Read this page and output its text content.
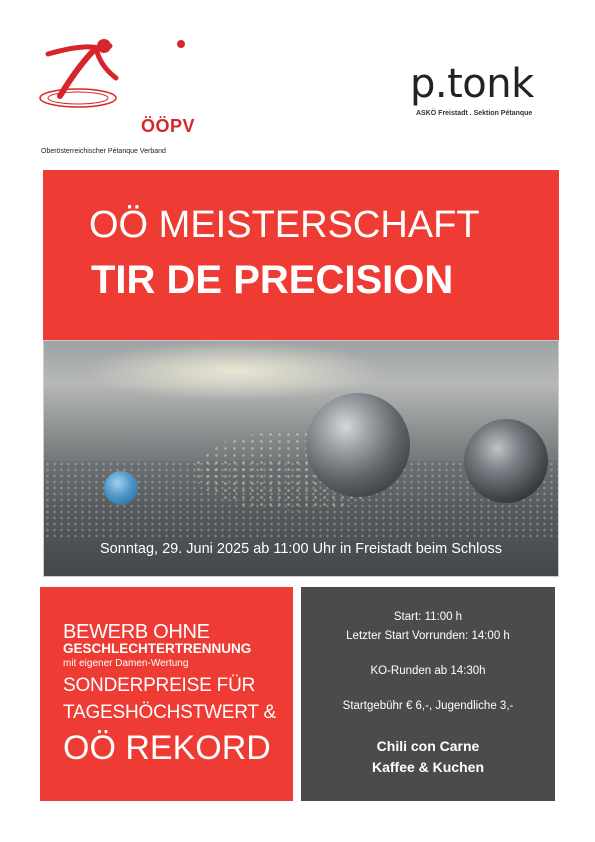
ÖÖPV
Oberösterreichischer Pétanque Verband
p.tonk
ASKÖ Freistadt . Sektion Pétanque
OÖ MEISTERSCHAFT
TIR DE PRECISION
Sonntag, 29. Juni 2025 ab 11:00 Uhr in Freistadt beim Schloss
BEWERB OHNE
GESCHLECHTERTRENNUNG
mit eigener Damen-Wertung
SONDERPREISE FÜR
TAGESHÖCHSTWERT &
OÖ REKORD
Start: 11:00 h
Letzter Start Vorrunden: 14:00 h
KO-Runden ab 14:30h
Startgebühr € 6,-, Jugendliche 3,-
Chili con Carne
Kaffee & Kuchen
